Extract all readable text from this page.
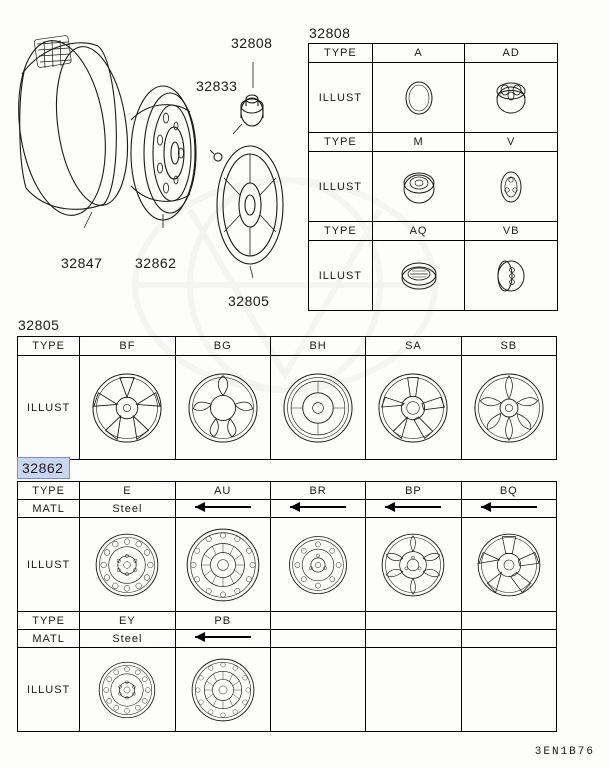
32808
32833
32847 32862
32805
32808
TYPE	A	AD
ILLUST	

TYPE	M	V
ILLUST	

TYPE	AQ	VB
ILLUST	

32805
TYPE	BF	BG	BH	SA	SB
ILLUST	

32862
TYPE	E	AU	BR	BP	BQ
MATL	Steel				
ILLUST	

TYPE	EY	PB			
MATL	Steel				
ILLUST	

3EN1B76
